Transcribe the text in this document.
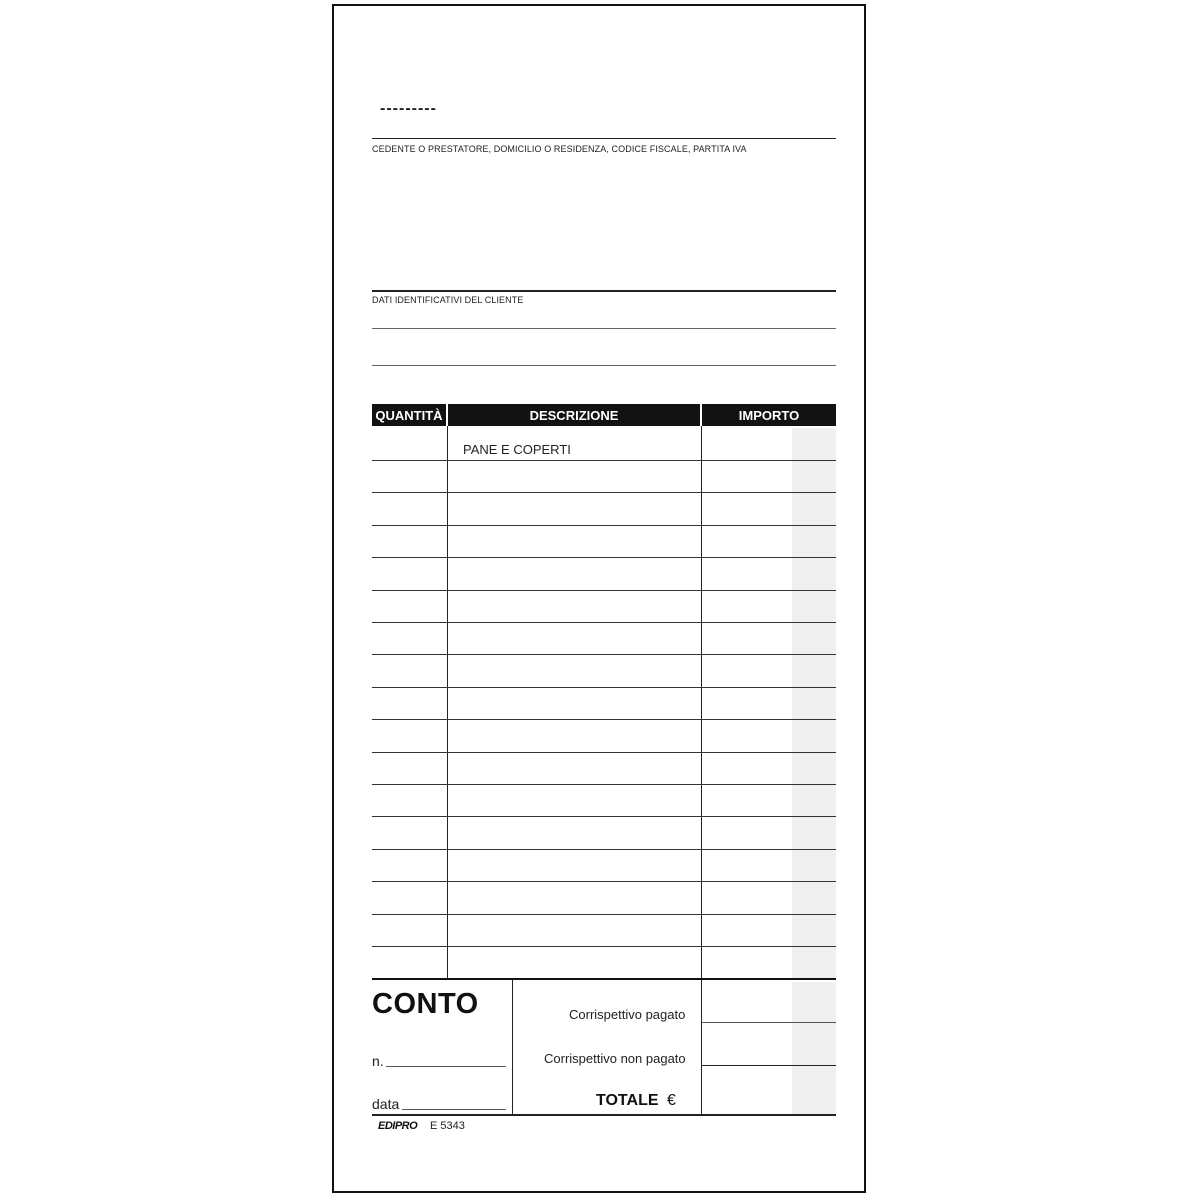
---------
CEDENTE O PRESTATORE, DOMICILIO O RESIDENZA, CODICE FISCALE, PARTITA IVA
DATI IDENTIFICATIVI DEL CLIENTE
QUANTITÀ	DESCRIZIONE	IMPORTO
PANE E COPERTI
CONTO
n.
data
Corrispettivo pagato
Corrispettivo non pagato
TOTALE €
EDIPRO E 5343
